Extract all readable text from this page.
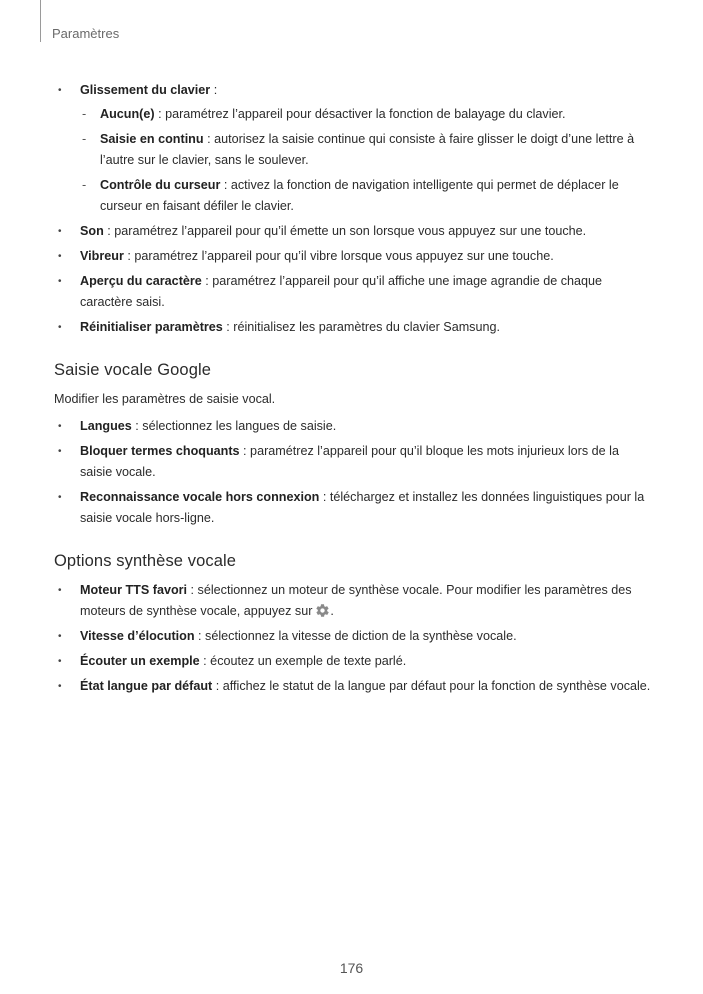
Paramètres
• Glissement du clavier :
- Aucun(e) : paramétrez l’appareil pour désactiver la fonction de balayage du clavier.
- Saisie en continu : autorisez la saisie continue qui consiste à faire glisser le doigt d’une lettre à l’autre sur le clavier, sans le soulever.
- Contrôle du curseur : activez la fonction de navigation intelligente qui permet de déplacer le curseur en faisant défiler le clavier.
• Son : paramétrez l’appareil pour qu’il émette un son lorsque vous appuyez sur une touche.
• Vibreur : paramétrez l’appareil pour qu’il vibre lorsque vous appuyez sur une touche.
• Aperçu du caractère : paramétrez l’appareil pour qu’il affiche une image agrandie de chaque caractère saisi.
• Réinitialiser paramètres : réinitialisez les paramètres du clavier Samsung.
Saisie vocale Google

Modifier les paramètres de saisie vocal.

• Langues : sélectionnez les langues de saisie.
• Bloquer termes choquants : paramétrez l’appareil pour qu’il bloque les mots injurieux lors de la saisie vocale.
• Reconnaissance vocale hors connexion : téléchargez et installez les données linguistiques pour la saisie vocale hors-ligne.
Options synthèse vocale
• Moteur TTS favori : sélectionnez un moteur de synthèse vocale. Pour modifier les paramètres des moteurs de synthèse vocale, appuyez sur .
• Vitesse d’élocution : sélectionnez la vitesse de diction de la synthèse vocale.
• Écouter un exemple : écoutez un exemple de texte parlé.
• État langue par défaut : affichez le statut de la langue par défaut pour la fonction de synthèse vocale.
176
